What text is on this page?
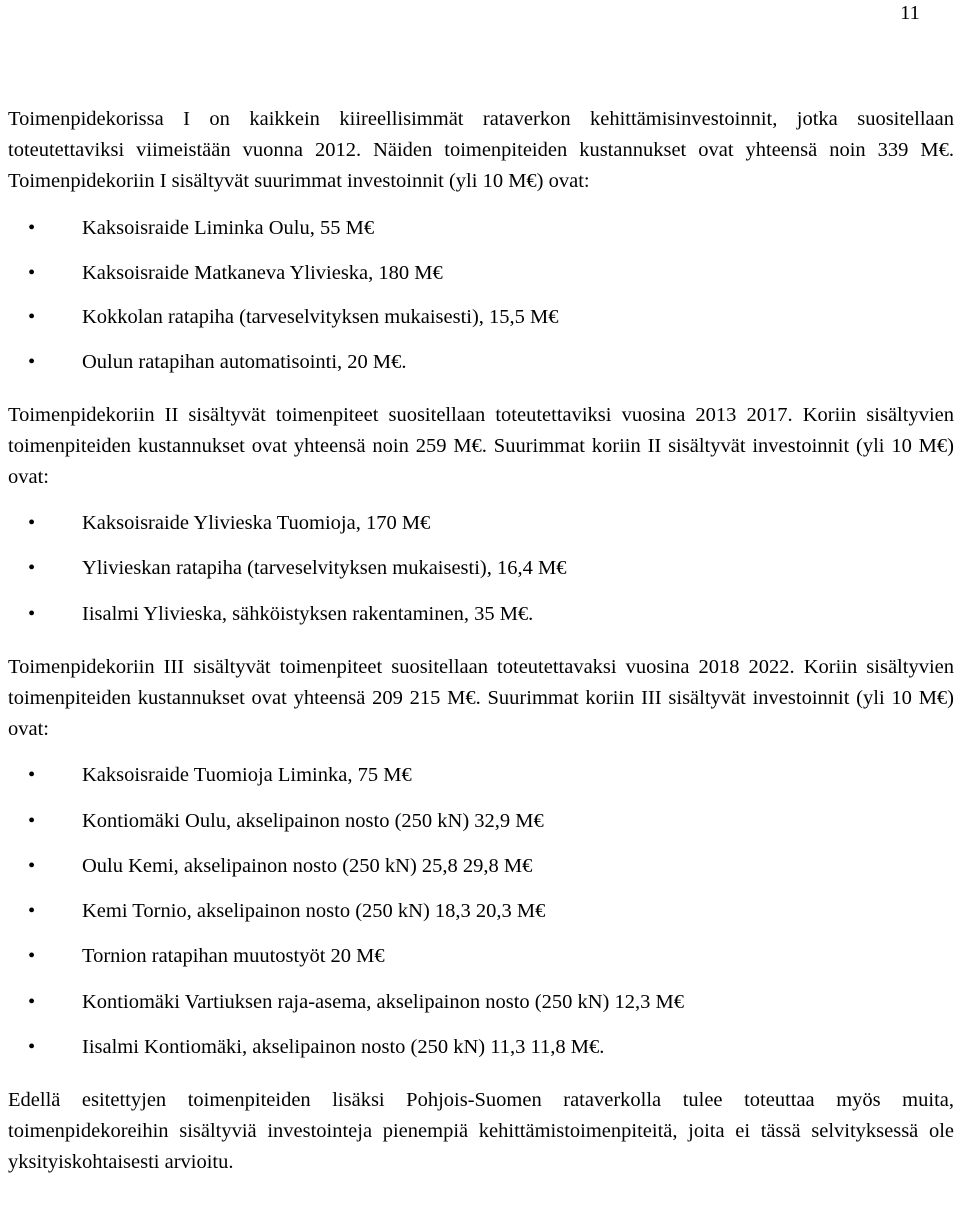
11

Toimenpidekorissa I on kaikkein kiireellisimmät rataverkon kehittämisinvestoinnit, jotka suositellaan toteutettaviksi viimeistään vuonna 2012. Näiden toimenpiteiden kustannukset ovat yhteensä noin 339 M€. Toimenpidekoriin I sisältyvät suurimmat investoinnit (yli 10 M€) ovat:

• Kaksoisraide Liminka Oulu, 55 M€
• Kaksoisraide Matkaneva Ylivieska, 180 M€
• Kokkolan ratapiha (tarveselvityksen mukaisesti), 15,5 M€
• Oulun ratapihan automatisointi, 20 M€.

Toimenpidekoriin II sisältyvät toimenpiteet suositellaan toteutettaviksi vuosina 2013 2017. Koriin sisältyvien toimenpiteiden kustannukset ovat yhteensä noin 259 M€. Suurimmat koriin II sisältyvät investoinnit (yli 10 M€) ovat:

• Kaksoisraide Ylivieska Tuomioja, 170 M€
• Ylivieskan ratapiha (tarveselvityksen mukaisesti), 16,4 M€
• Iisalmi Ylivieska, sähköistyksen rakentaminen, 35 M€.

Toimenpidekoriin III sisältyvät toimenpiteet suositellaan toteutettavaksi vuosina 2018 2022. Koriin sisältyvien toimenpiteiden kustannukset ovat yhteensä 209 215 M€. Suurimmat koriin III sisältyvät investoinnit (yli 10 M€) ovat:

• Kaksoisraide Tuomioja Liminka, 75 M€
• Kontiomäki Oulu, akselipainon nosto (250 kN) 32,9 M€
• Oulu Kemi, akselipainon nosto (250 kN) 25,8 29,8 M€
• Kemi Tornio, akselipainon nosto (250 kN) 18,3 20,3 M€
• Tornion ratapihan muutostyöt 20 M€
• Kontiomäki Vartiuksen raja-asema, akselipainon nosto (250 kN) 12,3 M€
• Iisalmi Kontiomäki, akselipainon nosto (250 kN) 11,3 11,8 M€.

Edellä esitettyjen toimenpiteiden lisäksi Pohjois-Suomen rataverkolla tulee toteuttaa myös muita, toimenpidekoreihin sisältyviä investointeja pienempiä kehittämistoimenpiteitä, joita ei tässä selvityksessä ole yksityiskohtaisesti arvioitu.
